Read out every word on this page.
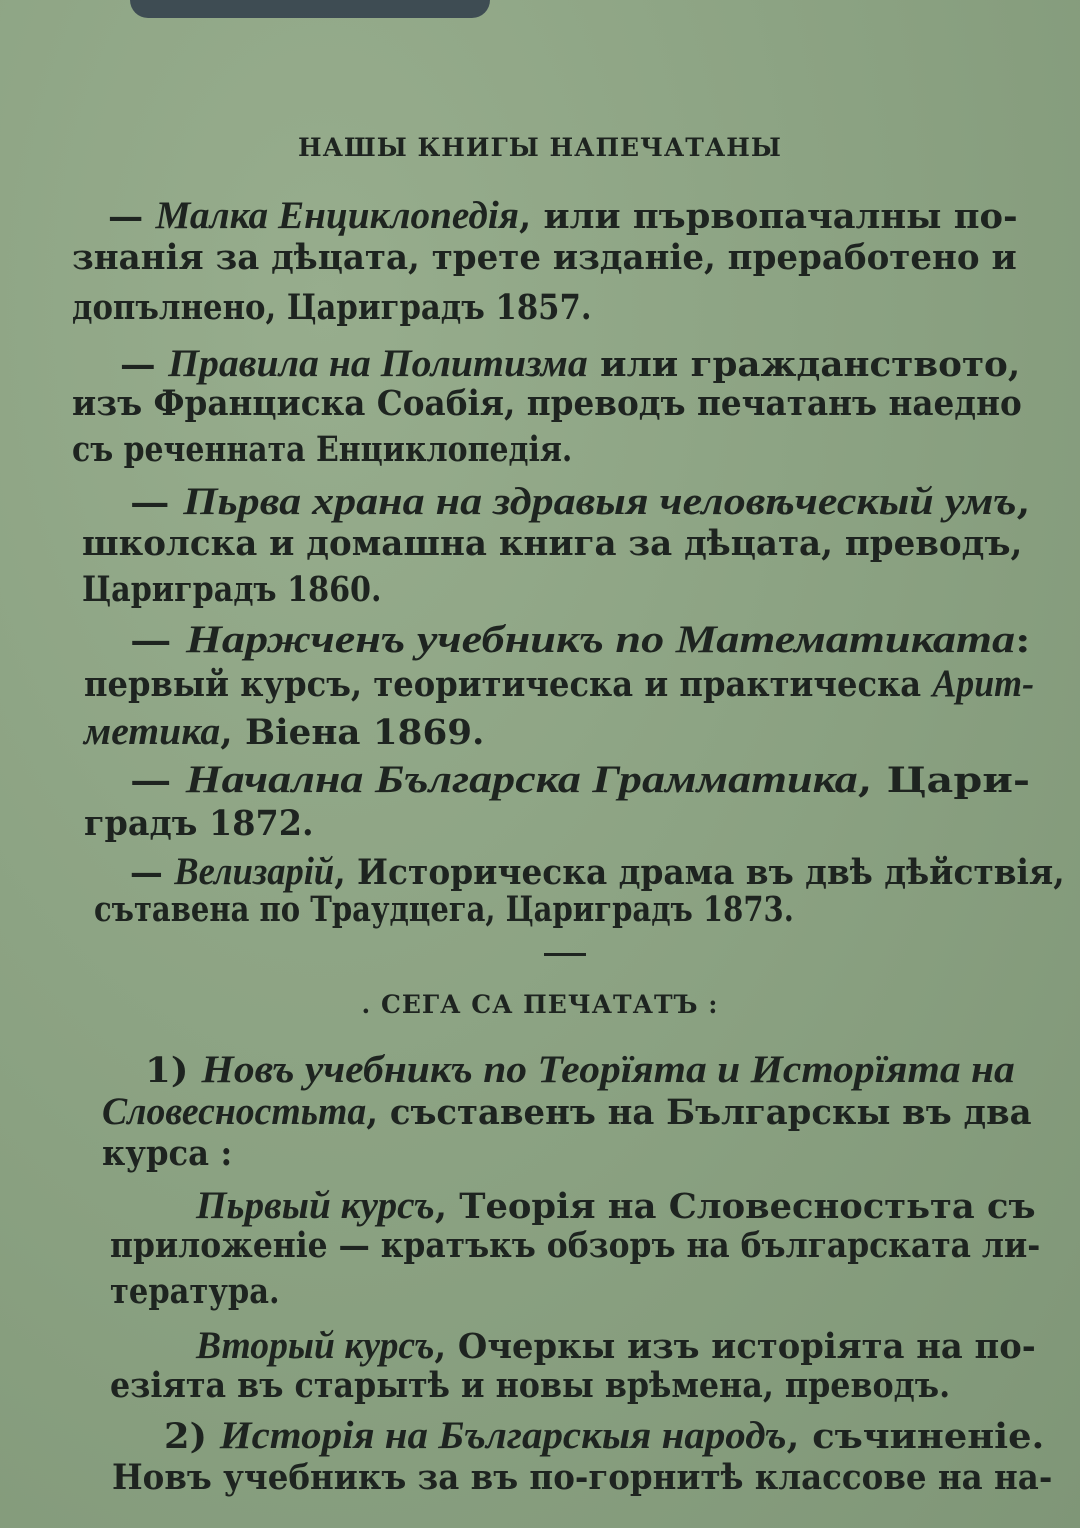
НАШЫ КНИГЫ НАПЕЧАТАНЫ
— Малка Енциклопедія, или първопачалны по-
знанія за дѣцата, трете изданіе, преработено и
допълнено, Цариградъ 1857.
— Правила на Политизма или гражданството,
изъ Франциска Соабія, преводъ печатанъ наедно
съ реченната Енциклопедія.
— Пьрва храна на здравыя человѣческый умъ,
школска и домашна книга за дѣцата, преводъ,
Цариградъ 1860.
— Наржченъ учебникъ по Математиката:
первый курсъ, теоритическа и практическа Арит-
метика, Віена 1869.
— Начална Българска Грамматика, Цари-
градъ 1872.
— Велизарій, Историческа драма въ двѣ дѣйствія,
сътавена по Траудцега, Цариградъ 1873.
1) Новъ учебникъ по Теорїята и Исторїята на
Словесностьта, съставенъ на Българскы въ два
курса :
Пьрвый курсъ, Теорія на Словесностьта съ
приложеніе — кратъкъ обзоръ на българската ли-
тература.
Вторый курсъ, Очеркы изъ исторіята на по-
езіята въ старытѣ и новы врѣмена, преводъ.
2) Исторія на Българскыя народъ, съчиненіе.
Новъ учебникъ за въ по-горнитѣ классове на на-
. СЕГА СА ПЕЧАТАТЪ :
